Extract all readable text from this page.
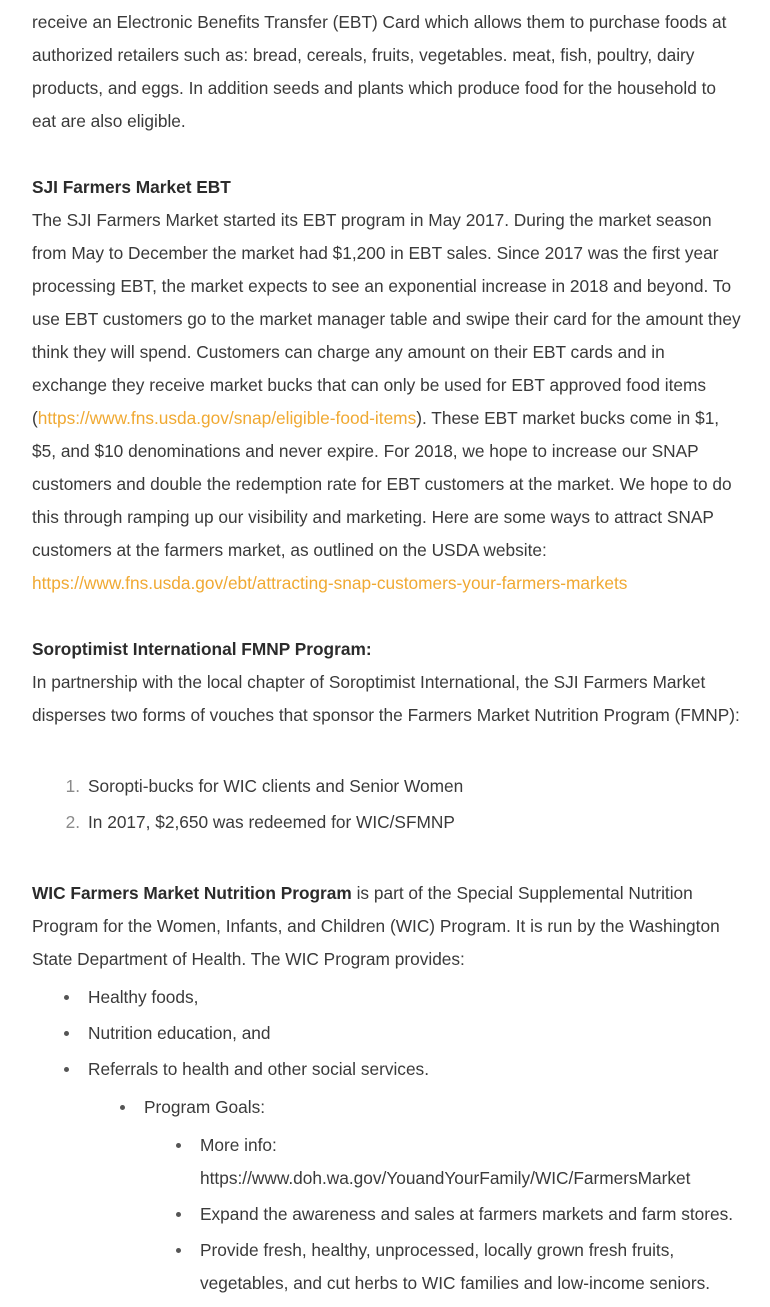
receive an Electronic Benefits Transfer (EBT) Card which allows them to purchase foods at authorized retailers such as: bread, cereals, fruits, vegetables. meat, fish, poultry, dairy products, and eggs. In addition seeds and plants which produce food for the household to eat are also eligible.

SJI Farmers Market EBT

The SJI Farmers Market started its EBT program in May 2017. During the market season from May to December the market had $1,200 in EBT sales. Since 2017 was the first year processing EBT, the market expects to see an exponential increase in 2018 and beyond. To use EBT customers go to the market manager table and swipe their card for the amount they think they will spend. Customers can charge any amount on their EBT cards and in exchange they receive market bucks that can only be used for EBT approved food items (https://www.fns.usda.gov/snap/eligible-food-items). These EBT market bucks come in $1, $5, and $10 denominations and never expire. For 2018, we hope to increase our SNAP customers and double the redemption rate for EBT customers at the market. We hope to do this through ramping up our visibility and marketing. Here are some ways to attract SNAP customers at the farmers market, as outlined on the USDA website: https://www.fns.usda.gov/ebt/attracting-snap-customers-your-farmers-markets

Soroptimist International FMNP Program:

In partnership with the local chapter of Soroptimist International, the SJI Farmers Market disperses two forms of vouches that sponsor the Farmers Market Nutrition Program (FMNP):

1. Soropti-bucks for WIC clients and Senior Women
2. In 2017, $2,650 was redeemed for WIC/SFMNP

WIC Farmers Market Nutrition Program is part of the Special Supplemental Nutrition Program for the Women, Infants, and Children (WIC) Program. It is run by the Washington State Department of Health. The WIC Program provides:

Healthy foods,
Nutrition education, and
Referrals to health and other social services.
Program Goals:
More info: https://www.doh.wa.gov/YouandYourFamily/WIC/FarmersMarket
Expand the awareness and sales at farmers markets and farm stores.
Provide fresh, healthy, unprocessed, locally grown fresh fruits, vegetables, and cut herbs to WIC families and low-income seniors.
